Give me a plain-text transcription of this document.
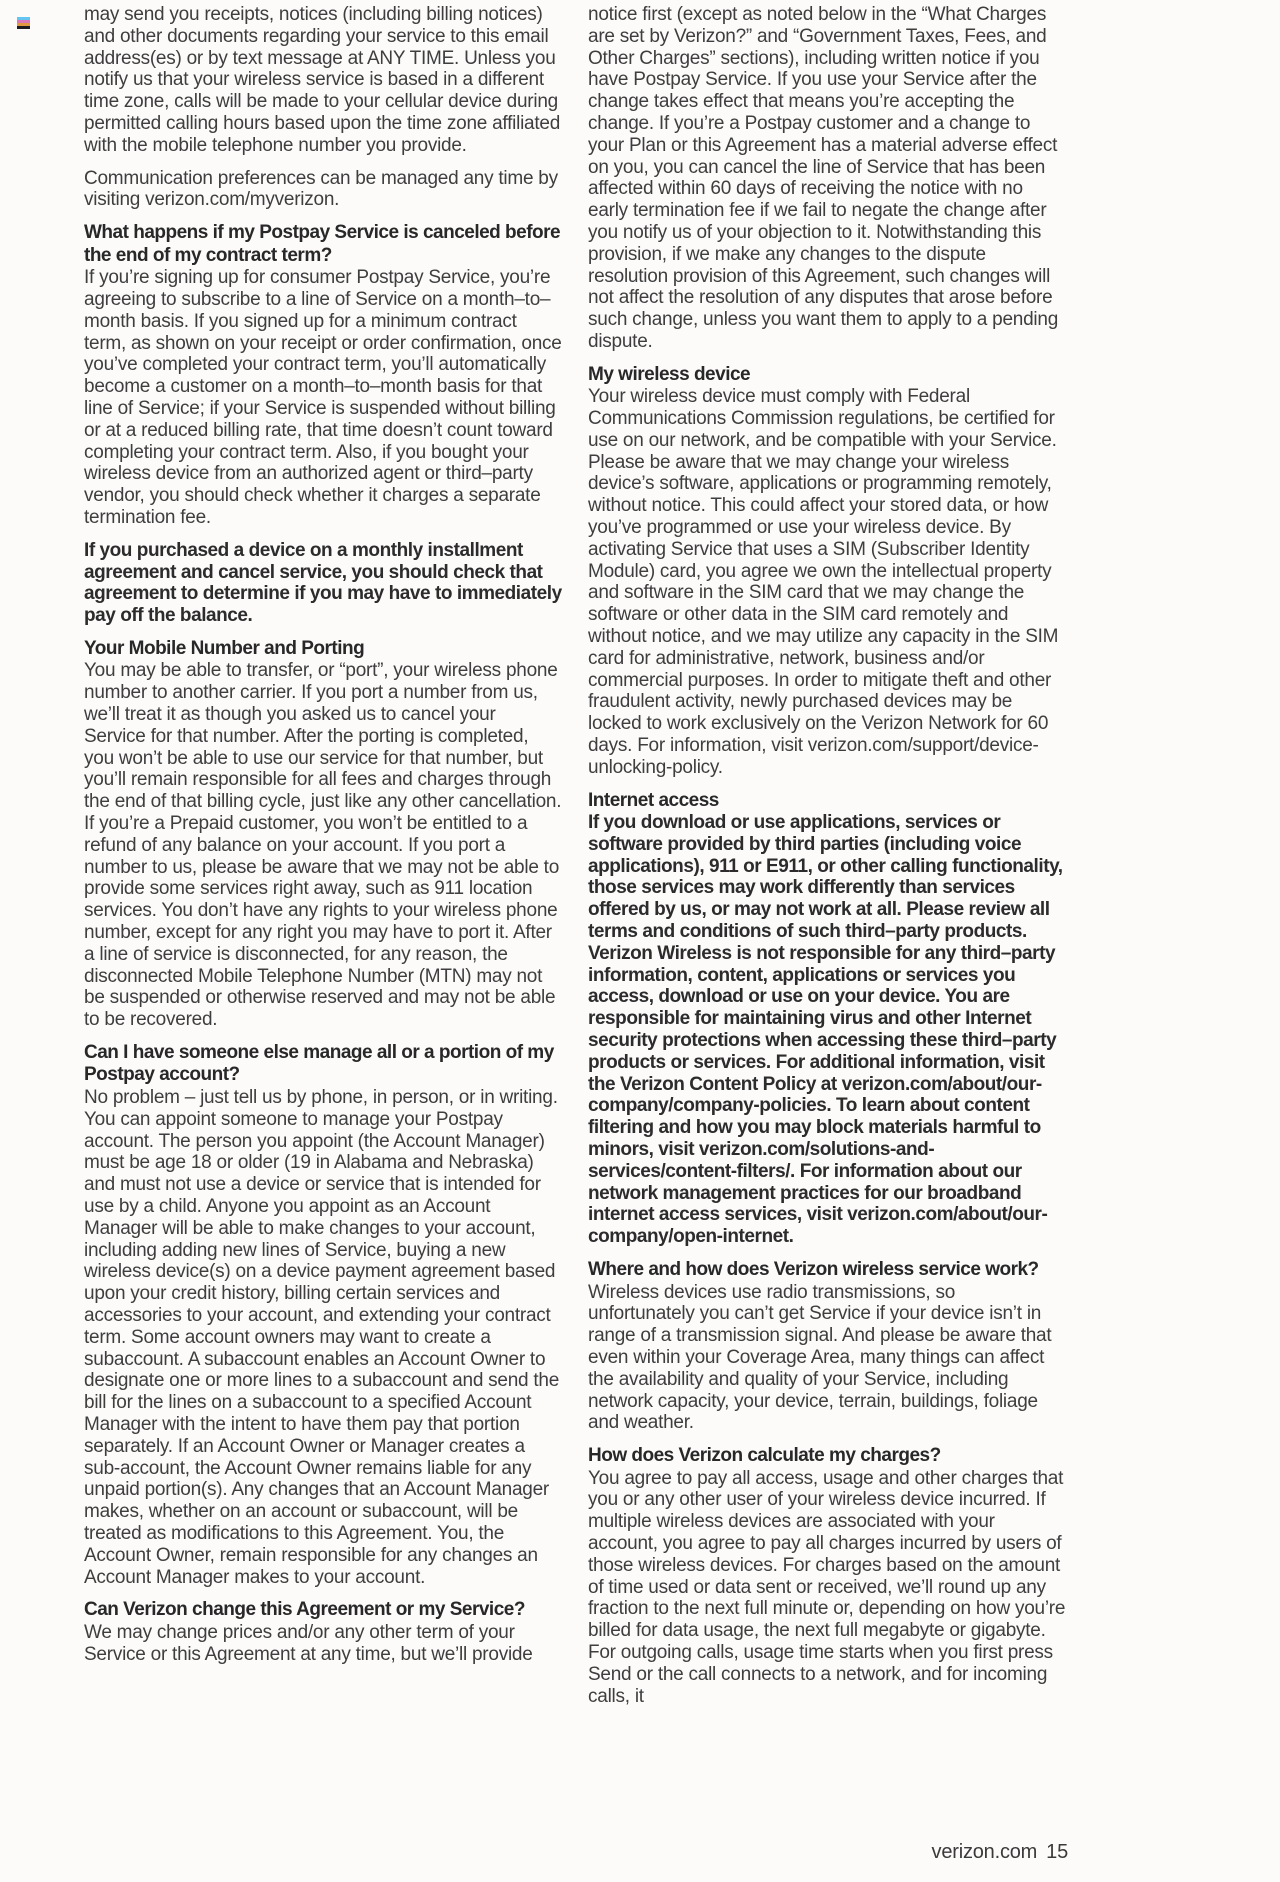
may send you receipts, notices (including billing notices) and other documents regarding your service to this email address(es) or by text message at ANY TIME. Unless you notify us that your wireless service is based in a different time zone, calls will be made to your cellular device during permitted calling hours based upon the time zone affiliated with the mobile telephone number you provide.

Communication preferences can be managed any time by visiting verizon.com/myverizon.

What happens if my Postpay Service is canceled before the end of my contract term?

If you’re signing up for consumer Postpay Service, you’re agreeing to subscribe to a line of Service on a month–to–month basis. If you signed up for a minimum contract term, as shown on your receipt or order confirmation, once you’ve completed your contract term, you’ll automatically become a customer on a month–to–month basis for that line of Service; if your Service is suspended without billing or at a reduced billing rate, that time doesn’t count toward completing your contract term. Also, if you bought your wireless device from an authorized agent or third–party vendor, you should check whether it charges a separate termination fee.

If you purchased a device on a monthly installment agreement and cancel service, you should check that agreement to determine if you may have to immediately pay off the balance.

Your Mobile Number and Porting

You may be able to transfer, or “port”, your wireless phone number to another carrier. If you port a number from us, we’ll treat it as though you asked us to cancel your Service for that number. After the porting is completed, you won’t be able to use our service for that number, but you’ll remain responsible for all fees and charges through the end of that billing cycle, just like any other cancellation. If you’re a Prepaid customer, you won’t be entitled to a refund of any balance on your account. If you port a number to us, please be aware that we may not be able to provide some services right away, such as 911 location services. You don’t have any rights to your wireless phone number, except for any right you may have to port it. After a line of service is disconnected, for any reason, the disconnected Mobile Telephone Number (MTN) may not be suspended or otherwise reserved and may not be able to be recovered.

Can I have someone else manage all or a portion of my Postpay account?

No problem – just tell us by phone, in person, or in writing. You can appoint someone to manage your Postpay account. The person you appoint (the Account Manager) must be age 18 or older (19 in Alabama and Nebraska) and must not use a device or service that is intended for use by a child. Anyone you appoint as an Account Manager will be able to make changes to your account, including adding new lines of Service, buying a new wireless device(s) on a device payment agreement based upon your credit history, billing certain services and accessories to your account, and extending your contract term. Some account owners may want to create a subaccount. A subaccount enables an Account Owner to designate one or more lines to a subaccount and send the bill for the lines on a subaccount to a specified Account Manager with the intent to have them pay that portion separately. If an Account Owner or Manager creates a sub-account, the Account Owner remains liable for any unpaid portion(s). Any changes that an Account Manager makes, whether on an account or subaccount, will be treated as modifications to this Agreement. You, the Account Owner, remain responsible for any changes an Account Manager makes to your account.

Can Verizon change this Agreement or my Service?

We may change prices and/or any other term of your Service or this Agreement at any time, but we’ll provide

notice first (except as noted below in the “What Charges are set by Verizon?” and “Government Taxes, Fees, and Other Charges” sections), including written notice if you have Postpay Service. If you use your Service after the change takes effect that means you’re accepting the change. If you’re a Postpay customer and a change to your Plan or this Agreement has a material adverse effect on you, you can cancel the line of Service that has been affected within 60 days of receiving the notice with no early termination fee if we fail to negate the change after you notify us of your objection to it. Notwithstanding this provision, if we make any changes to the dispute resolution provision of this Agreement, such changes will not affect the resolution of any disputes that arose before such change, unless you want them to apply to a pending dispute.

My wireless device

Your wireless device must comply with Federal Communications Commission regulations, be certified for use on our network, and be compatible with your Service. Please be aware that we may change your wireless device’s software, applications or programming remotely, without notice. This could affect your stored data, or how you’ve programmed or use your wireless device. By activating Service that uses a SIM (Subscriber Identity Module) card, you agree we own the intellectual property and software in the SIM card that we may change the software or other data in the SIM card remotely and without notice, and we may utilize any capacity in the SIM card for administrative, network, business and/or commercial purposes. In order to mitigate theft and other fraudulent activity, newly purchased devices may be locked to work exclusively on the Verizon Network for 60 days. For information, visit verizon.com/support/device-unlocking-policy.

Internet access

If you download or use applications, services or software provided by third parties (including voice applications), 911 or E911, or other calling functionality, those services may work differently than services offered by us, or may not work at all. Please review all terms and conditions of such third–party products. Verizon Wireless is not responsible for any third–party information, content, applications or services you access, download or use on your device. You are responsible for maintaining virus and other Internet security protections when accessing these third–party products or services. For additional information, visit the Verizon Content Policy at verizon.com/about/our-company/company-policies. To learn about content filtering and how you may block materials harmful to minors, visit verizon.com/solutions-and-services/content-filters/. For information about our network management practices for our broadband internet access services, visit verizon.com/about/our-company/open-internet.

Where and how does Verizon wireless service work?

Wireless devices use radio transmissions, so unfortunately you can’t get Service if your device isn’t in range of a transmission signal. And please be aware that even within your Coverage Area, many things can affect the availability and quality of your Service, including network capacity, your device, terrain, buildings, foliage and weather.

How does Verizon calculate my charges?

You agree to pay all access, usage and other charges that you or any other user of your wireless device incurred. If multiple wireless devices are associated with your account, you agree to pay all charges incurred by users of those wireless devices. For charges based on the amount of time used or data sent or received, we’ll round up any fraction to the next full minute or, depending on how you’re billed for data usage, the next full megabyte or gigabyte. For outgoing calls, usage time starts when you first press Send or the call connects to a network, and for incoming calls, it

verizon.com 15
